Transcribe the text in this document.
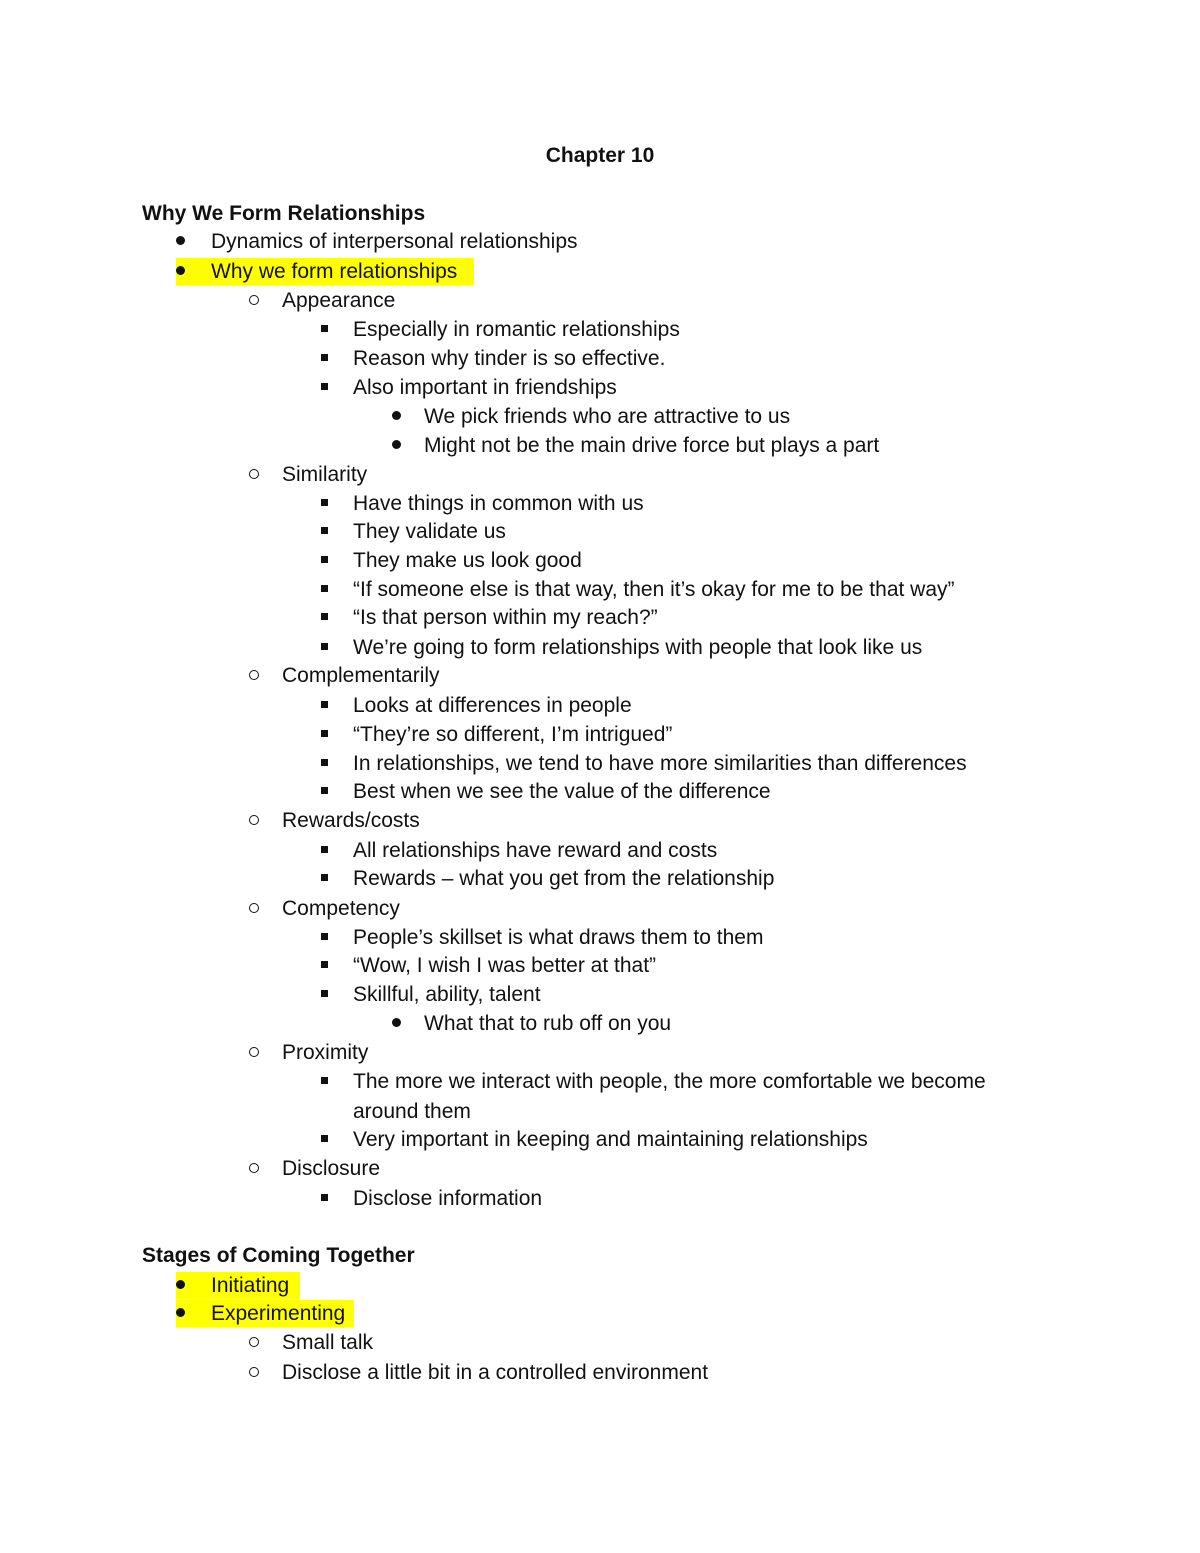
Chapter 10
Why We Form Relationships
Dynamics of interpersonal relationships
Why we form relationships
Appearance
Especially in romantic relationships
Reason why tinder is so effective.
Also important in friendships
We pick friends who are attractive to us
Might not be the main drive force but plays a part
Similarity
Have things in common with us
They validate us
They make us look good
“If someone else is that way, then it’s okay for me to be that way”
“Is that person within my reach?”
We’re going to form relationships with people that look like us
Complementarily
Looks at differences in people
“They’re so different, I’m intrigued”
In relationships, we tend to have more similarities than differences
Best when we see the value of the difference
Rewards/costs
All relationships have reward and costs
Rewards – what you get from the relationship
Competency
People’s skillset is what draws them to them
“Wow, I wish I was better at that”
Skillful, ability, talent
What that to rub off on you
Proximity
The more we interact with people, the more comfortable we become
around them
Very important in keeping and maintaining relationships
Disclosure
Disclose information
Stages of Coming Together
Initiating
Experimenting
Small talk
Disclose a little bit in a controlled environment
